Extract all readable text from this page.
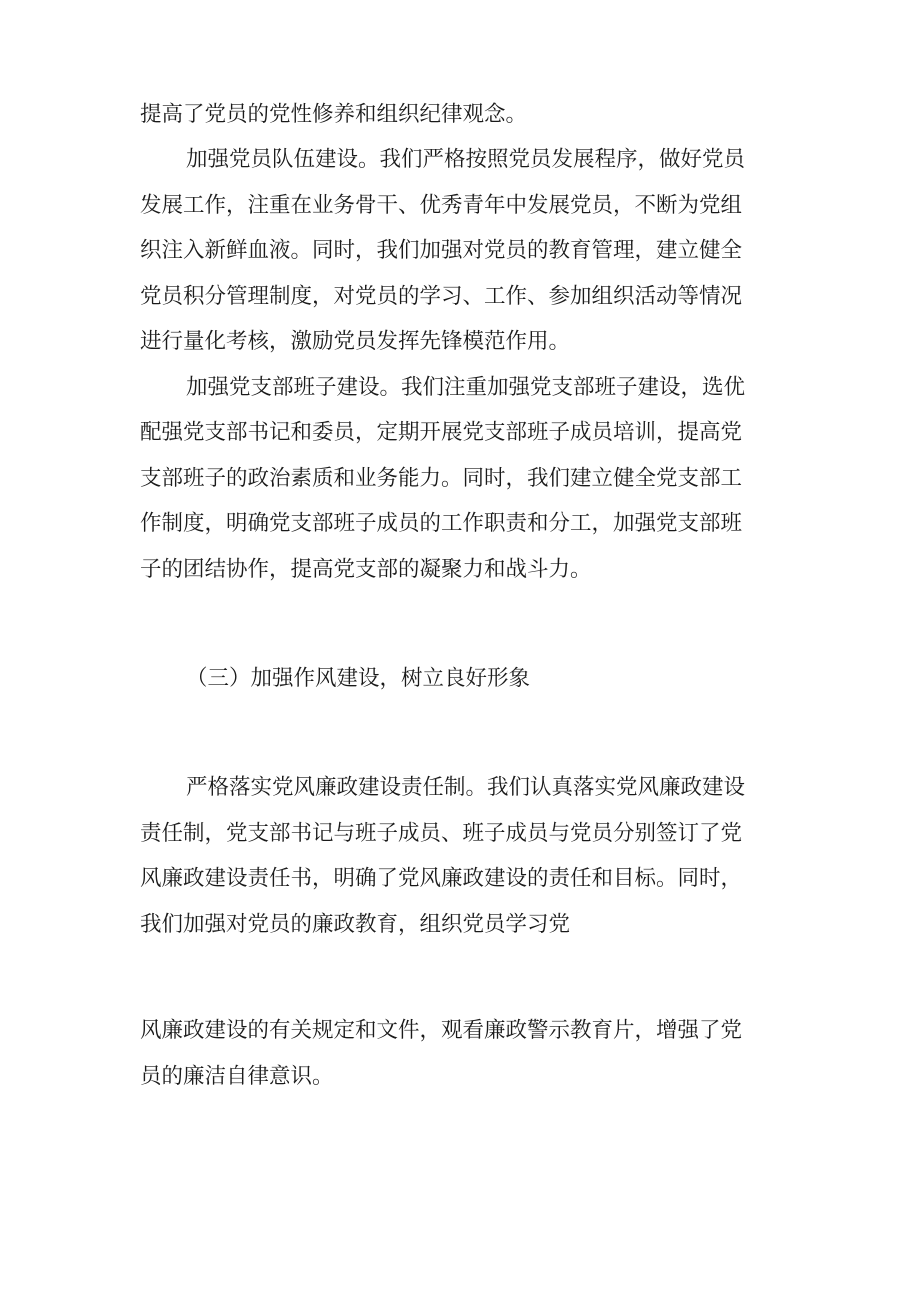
提高了党员的党性修养和组织纪律观念。

加强党员队伍建设。我们严格按照党员发展程序，做好党员

发展工作，注重在业务骨干、优秀青年中发展党员，不断为党组

织注入新鲜血液。同时，我们加强对党员的教育管理，建立健全

党员积分管理制度，对党员的学习、工作、参加组织活动等情况

进行量化考核，激励党员发挥先锋模范作用。

加强党支部班子建设。我们注重加强党支部班子建设，选优

配强党支部书记和委员，定期开展党支部班子成员培训，提高党

支部班子的政治素质和业务能力。同时，我们建立健全党支部工

作制度，明确党支部班子成员的工作职责和分工，加强党支部班

子的团结协作，提高党支部的凝聚力和战斗力。

（三）加强作风建设，树立良好形象

严格落实党风廉政建设责任制。我们认真落实党风廉政建设

责任制，党支部书记与班子成员、班子成员与党员分别签订了党

风廉政建设责任书，明确了党风廉政建设的责任和目标。同时，

我们加强对党员的廉政教育，组织党员学习党

风廉政建设的有关规定和文件，观看廉政警示教育片，增强了党

员的廉洁自律意识。
